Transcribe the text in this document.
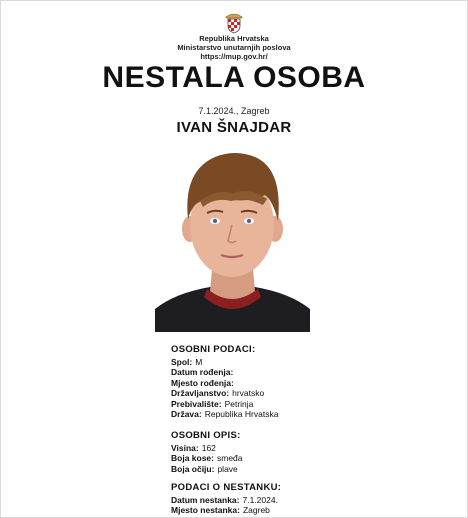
Republika Hrvatska
Ministarstvo unutarnjih poslova
https://mup.gov.hr/
NESTALA OSOBA
7.1.2024., Zagreb
IVAN ŠNAJDAR
OSOBNI PODACI:
Spol: M
Datum rođenja:
Mjesto rođenja:
Državljanstvo: hrvatsko
Prebivalište: Petrinja
Država: Republika Hrvatska
OSOBNI OPIS:
Visina: 162
Boja kose: smeđa
Boja očiju: plave
PODACI O NESTANKU:
Datum nestanka: 7.1.2024.
Mjesto nestanka: Zagreb
